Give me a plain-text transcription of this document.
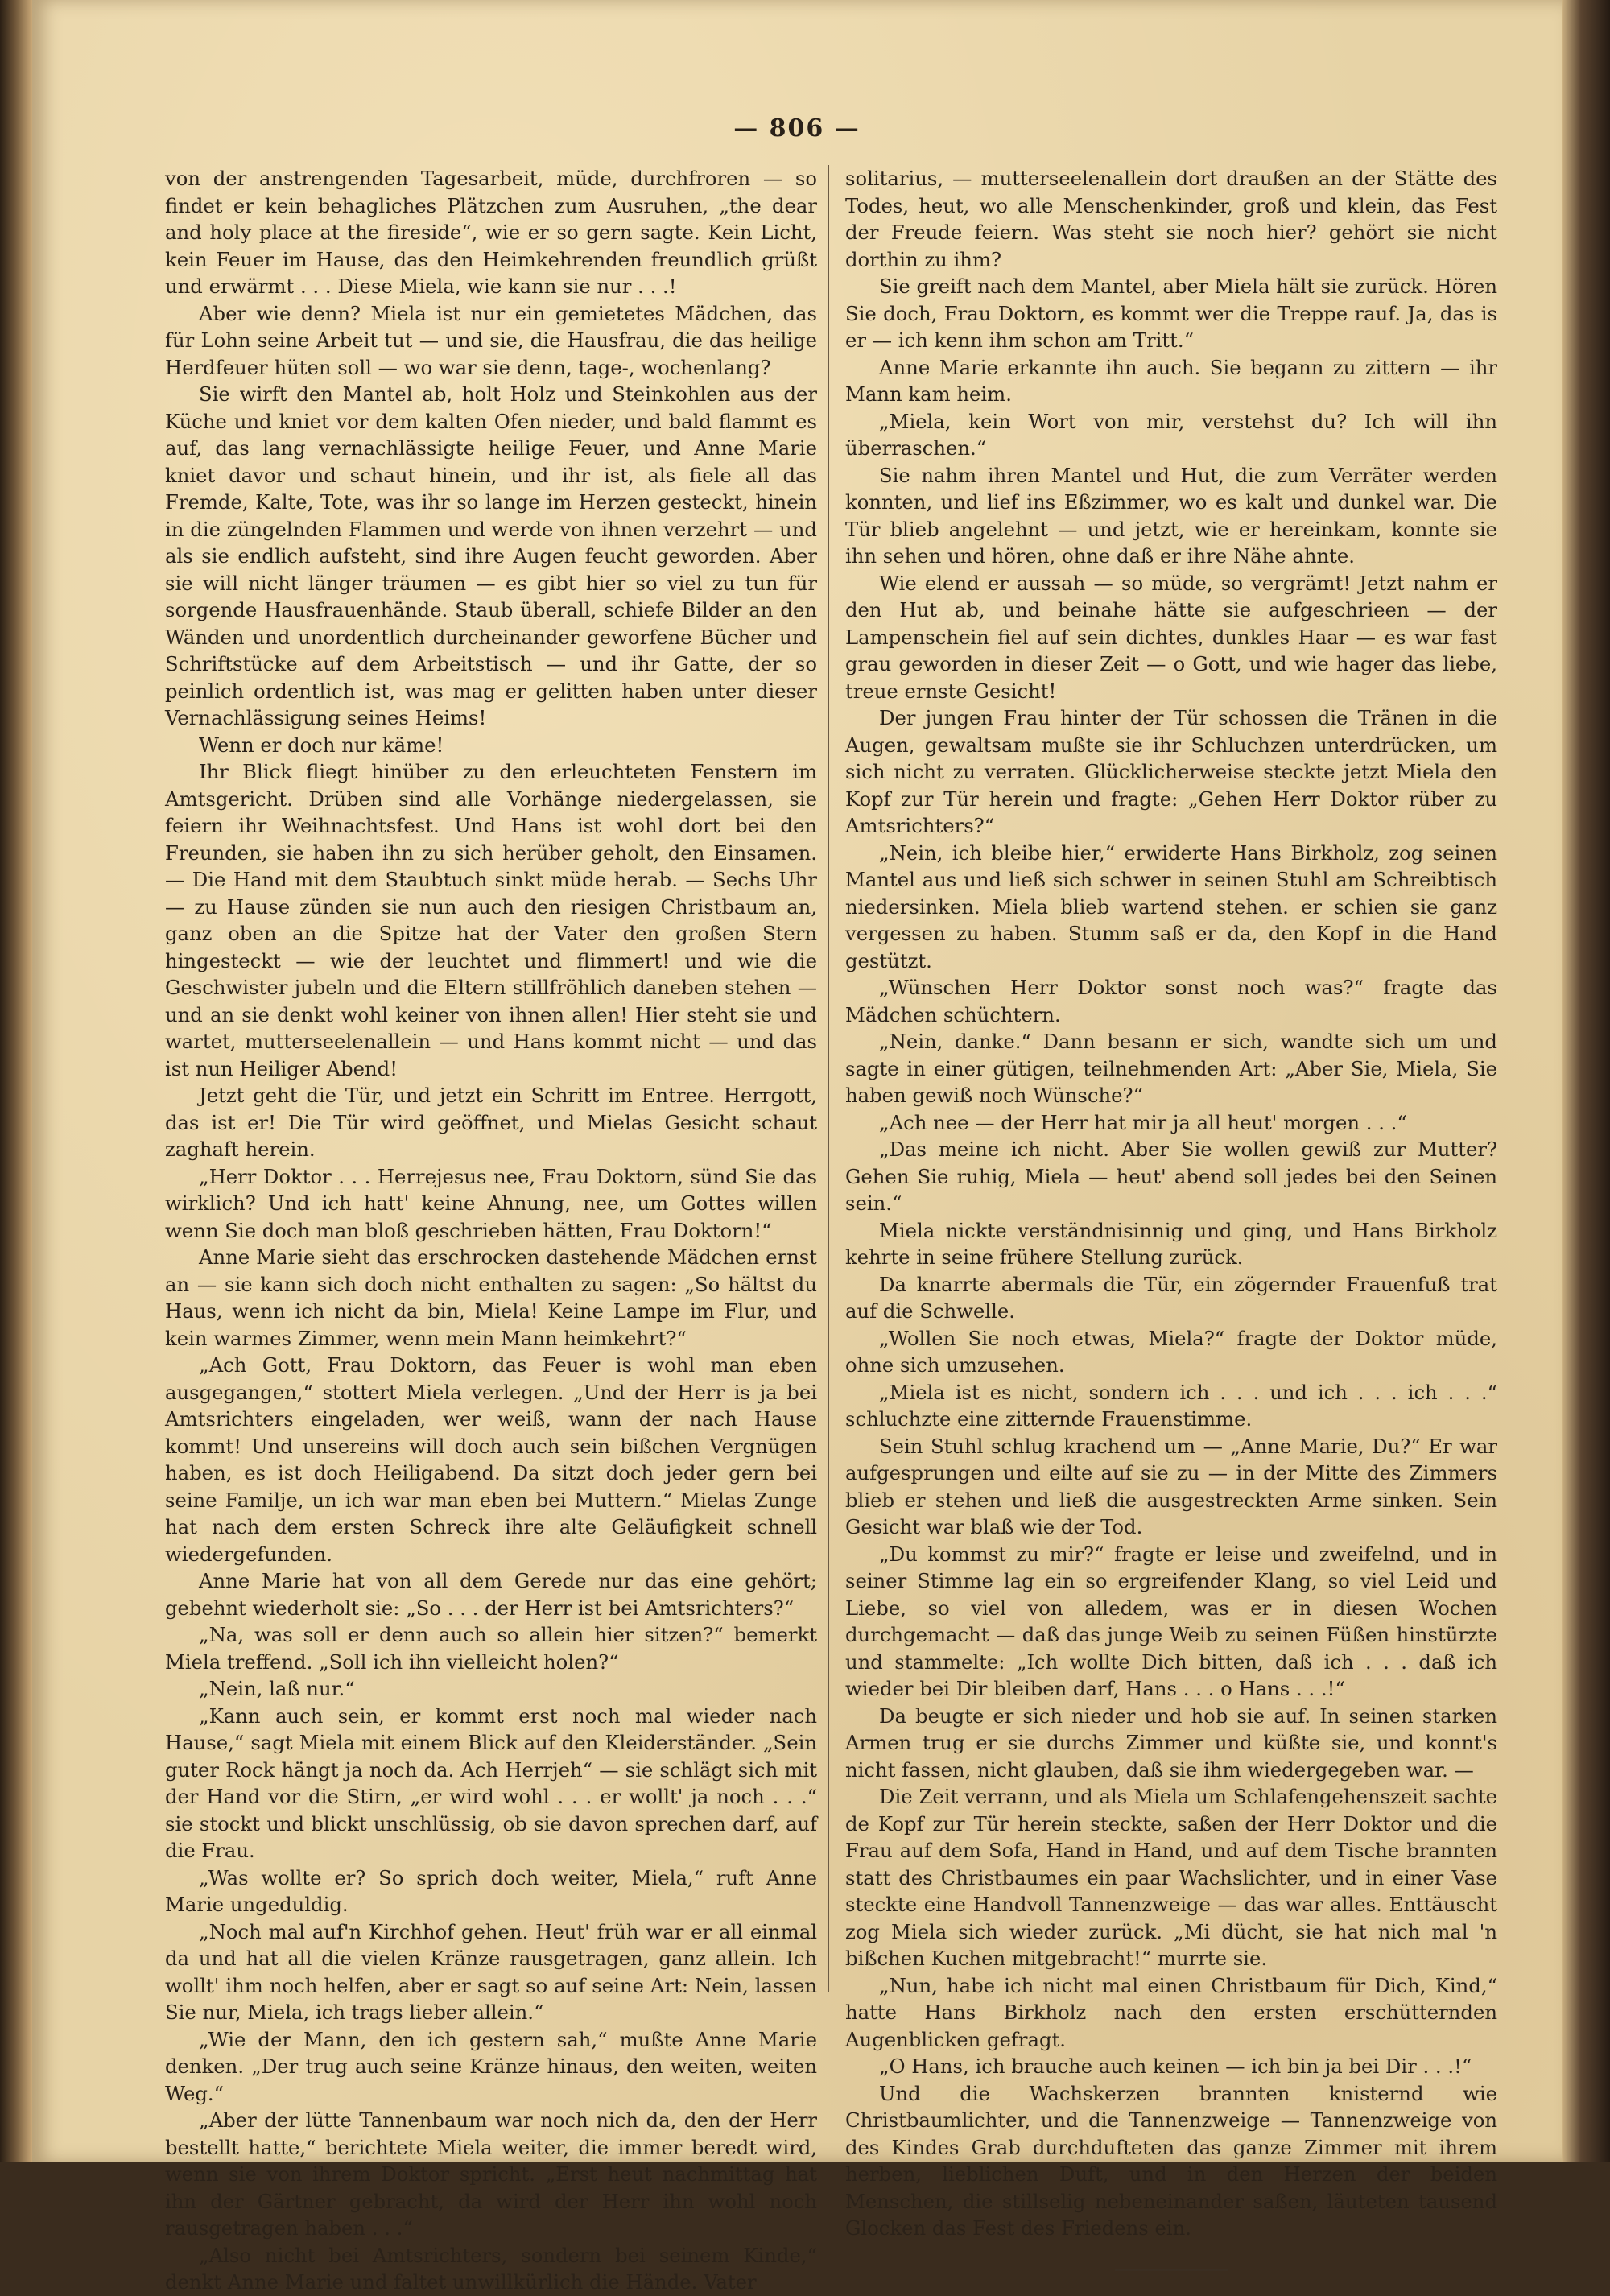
— 806 —

von der anstrengenden Tagesarbeit, müde, durchfroren — so findet er kein behagliches Plätzchen zum Ausruhen, „the dear and holy place at the fireside“, wie er so gern sagte. Kein Licht, kein Feuer im Hause, das den Heimkehrenden freundlich grüßt und erwärmt . . . Diese Miela, wie kann sie nur . . .!

Aber wie denn? Miela ist nur ein gemietetes Mädchen, das für Lohn seine Arbeit tut — und sie, die Hausfrau, die das heilige Herdfeuer hüten soll — wo war sie denn, tage-, wochenlang?

Sie wirft den Mantel ab, holt Holz und Steinkohlen aus der Küche und kniet vor dem kalten Ofen nieder, und bald flammt es auf, das lang vernachlässigte heilige Feuer, und Anne Marie kniet davor und schaut hinein, und ihr ist, als fiele all das Fremde, Kalte, Tote, was ihr so lange im Herzen gesteckt, hinein in die züngelnden Flammen und werde von ihnen verzehrt — und als sie endlich aufsteht, sind ihre Augen feucht geworden. Aber sie will nicht länger träumen — es gibt hier so viel zu tun für sorgende Hausfrauenhände. Staub überall, schiefe Bilder an den Wänden und unordentlich durcheinander geworfene Bücher und Schriftstücke auf dem Arbeitstisch — und ihr Gatte, der so peinlich ordentlich ist, was mag er gelitten haben unter dieser Vernachlässigung seines Heims!

Wenn er doch nur käme!

Ihr Blick fliegt hinüber zu den erleuchteten Fenstern im Amtsgericht. Drüben sind alle Vorhänge niedergelassen, sie feiern ihr Weihnachtsfest. Und Hans ist wohl dort bei den Freunden, sie haben ihn zu sich herüber geholt, den Einsamen. — Die Hand mit dem Staubtuch sinkt müde herab. — Sechs Uhr — zu Hause zünden sie nun auch den riesigen Christbaum an, ganz oben an die Spitze hat der Vater den großen Stern hingesteckt — wie der leuchtet und flimmert! und wie die Geschwister jubeln und die Eltern stillfröhlich daneben stehen — und an sie denkt wohl keiner von ihnen allen! Hier steht sie und wartet, mutterseelenallein — und Hans kommt nicht — und das ist nun Heiliger Abend!

Jetzt geht die Tür, und jetzt ein Schritt im Entree. Herrgott, das ist er! Die Tür wird geöffnet, und Mielas Gesicht schaut zaghaft herein.

„Herr Doktor . . . Herrejesus nee, Frau Doktorn, sünd Sie das wirklich? Und ich hatt' keine Ahnung, nee, um Gottes willen wenn Sie doch man bloß geschrieben hätten, Frau Doktorn!“

Anne Marie sieht das erschrocken dastehende Mädchen ernst an — sie kann sich doch nicht enthalten zu sagen: „So hältst du Haus, wenn ich nicht da bin, Miela! Keine Lampe im Flur, und kein warmes Zimmer, wenn mein Mann heimkehrt?“

„Ach Gott, Frau Doktorn, das Feuer is wohl man eben ausgegangen,“ stottert Miela verlegen. „Und der Herr is ja bei Amtsrichters eingeladen, wer weiß, wann der nach Hause kommt! Und unsereins will doch auch sein bißchen Vergnügen haben, es ist doch Heiligabend. Da sitzt doch jeder gern bei seine Familje, un ich war man eben bei Muttern.“ Mielas Zunge hat nach dem ersten Schreck ihre alte Geläufigkeit schnell wiedergefunden.

Anne Marie hat von all dem Gerede nur das eine gehört; gebehnt wiederholt sie: „So . . . der Herr ist bei Amtsrichters?“

„Na, was soll er denn auch so allein hier sitzen?“ bemerkt Miela treffend. „Soll ich ihn vielleicht holen?“

„Nein, laß nur.“

„Kann auch sein, er kommt erst noch mal wieder nach Hause,“ sagt Miela mit einem Blick auf den Kleiderständer. „Sein guter Rock hängt ja noch da. Ach Herrjeh“ — sie schlägt sich mit der Hand vor die Stirn, „er wird wohl . . . er wollt' ja noch . . .“ sie stockt und blickt unschlüssig, ob sie davon sprechen darf, auf die Frau.

„Was wollte er? So sprich doch weiter, Miela,“ ruft Anne Marie ungeduldig.

„Noch mal auf'n Kirchhof gehen. Heut' früh war er all einmal da und hat all die vielen Kränze rausgetragen, ganz allein. Ich wollt' ihm noch helfen, aber er sagt so auf seine Art: Nein, lassen Sie nur, Miela, ich trags lieber allein.“

„Wie der Mann, den ich gestern sah,“ mußte Anne Marie denken. „Der trug auch seine Kränze hinaus, den weiten, weiten Weg.“

„Aber der lütte Tannenbaum war noch nich da, den der Herr bestellt hatte,“ berichtete Miela weiter, die immer beredt wird, wenn sie von ihrem Doktor spricht. „Erst heut nachmittag hat ihn der Gärtner gebracht, da wird der Herr ihn wohl noch rausgetragen haben . . .“

„Also nicht bei Amtsrichters, sondern bei seinem Kinde,“ denkt Anne Marie und faltet unwillkürlich die Hände. Vater

solitarius, — mutterseelenallein dort draußen an der Stätte des Todes, heut, wo alle Menschenkinder, groß und klein, das Fest der Freude feiern. Was steht sie noch hier? gehört sie nicht dorthin zu ihm?

Sie greift nach dem Mantel, aber Miela hält sie zurück. Hören Sie doch, Frau Doktorn, es kommt wer die Treppe rauf. Ja, das is er — ich kenn ihm schon am Tritt.“

Anne Marie erkannte ihn auch. Sie begann zu zittern — ihr Mann kam heim.

„Miela, kein Wort von mir, verstehst du? Ich will ihn überraschen.“

Sie nahm ihren Mantel und Hut, die zum Verräter werden konnten, und lief ins Eßzimmer, wo es kalt und dunkel war. Die Tür blieb angelehnt — und jetzt, wie er hereinkam, konnte sie ihn sehen und hören, ohne daß er ihre Nähe ahnte.

Wie elend er aussah — so müde, so vergrämt! Jetzt nahm er den Hut ab, und beinahe hätte sie aufgeschrieen — der Lampenschein fiel auf sein dichtes, dunkles Haar — es war fast grau geworden in dieser Zeit — o Gott, und wie hager das liebe, treue ernste Gesicht!

Der jungen Frau hinter der Tür schossen die Tränen in die Augen, gewaltsam mußte sie ihr Schluchzen unterdrücken, um sich nicht zu verraten. Glücklicherweise steckte jetzt Miela den Kopf zur Tür herein und fragte: „Gehen Herr Doktor rüber zu Amtsrichters?“

„Nein, ich bleibe hier,“ erwiderte Hans Birkholz, zog seinen Mantel aus und ließ sich schwer in seinen Stuhl am Schreibtisch niedersinken. Miela blieb wartend stehen. er schien sie ganz vergessen zu haben. Stumm saß er da, den Kopf in die Hand gestützt.

„Wünschen Herr Doktor sonst noch was?“ fragte das Mädchen schüchtern.

„Nein, danke.“ Dann besann er sich, wandte sich um und sagte in einer gütigen, teilnehmenden Art: „Aber Sie, Miela, Sie haben gewiß noch Wünsche?“

„Ach nee — der Herr hat mir ja all heut' morgen . . .“

„Das meine ich nicht. Aber Sie wollen gewiß zur Mutter? Gehen Sie ruhig, Miela — heut' abend soll jedes bei den Seinen sein.“

Miela nickte verständnisinnig und ging, und Hans Birkholz kehrte in seine frühere Stellung zurück.

Da knarrte abermals die Tür, ein zögernder Frauenfuß trat auf die Schwelle.

„Wollen Sie noch etwas, Miela?“ fragte der Doktor müde, ohne sich umzusehen.

„Miela ist es nicht, sondern ich . . . und ich . . . ich . . .“ schluchzte eine zitternde Frauenstimme.

Sein Stuhl schlug krachend um — „Anne Marie, Du?“ Er war aufgesprungen und eilte auf sie zu — in der Mitte des Zimmers blieb er stehen und ließ die ausgestreckten Arme sinken. Sein Gesicht war blaß wie der Tod.

„Du kommst zu mir?“ fragte er leise und zweifelnd, und in seiner Stimme lag ein so ergreifender Klang, so viel Leid und Liebe, so viel von alledem, was er in diesen Wochen durchgemacht — daß das junge Weib zu seinen Füßen hinstürzte und stammelte: „Ich wollte Dich bitten, daß ich . . . daß ich wieder bei Dir bleiben darf, Hans . . . o Hans . . .!“

Da beugte er sich nieder und hob sie auf. In seinen starken Armen trug er sie durchs Zimmer und küßte sie, und konnt's nicht fassen, nicht glauben, daß sie ihm wiedergegeben war. —

Die Zeit verrann, und als Miela um Schlafengehenszeit sachte de Kopf zur Tür herein steckte, saßen der Herr Doktor und die Frau auf dem Sofa, Hand in Hand, und auf dem Tische brannten statt des Christbaumes ein paar Wachslichter, und in einer Vase steckte eine Handvoll Tannenzweige — das war alles. Enttäuscht zog Miela sich wieder zurück. „Mi dücht, sie hat nich mal 'n bißchen Kuchen mitgebracht!“ murrte sie.

„Nun, habe ich nicht mal einen Christbaum für Dich, Kind,“ hatte Hans Birkholz nach den ersten erschütternden Augenblicken gefragt.

„O Hans, ich brauche auch keinen — ich bin ja bei Dir . . .!“

Und die Wachskerzen brannten knisternd wie Christbaumlichter, und die Tannenzweige — Tannenzweige von des Kindes Grab durchdufteten das ganze Zimmer mit ihrem herben, lieblichen Duft, und in den Herzen der beiden Menschen, die stillselig nebeneinander saßen, läuteten tausend Glocken das Fest des Friedens ein.
